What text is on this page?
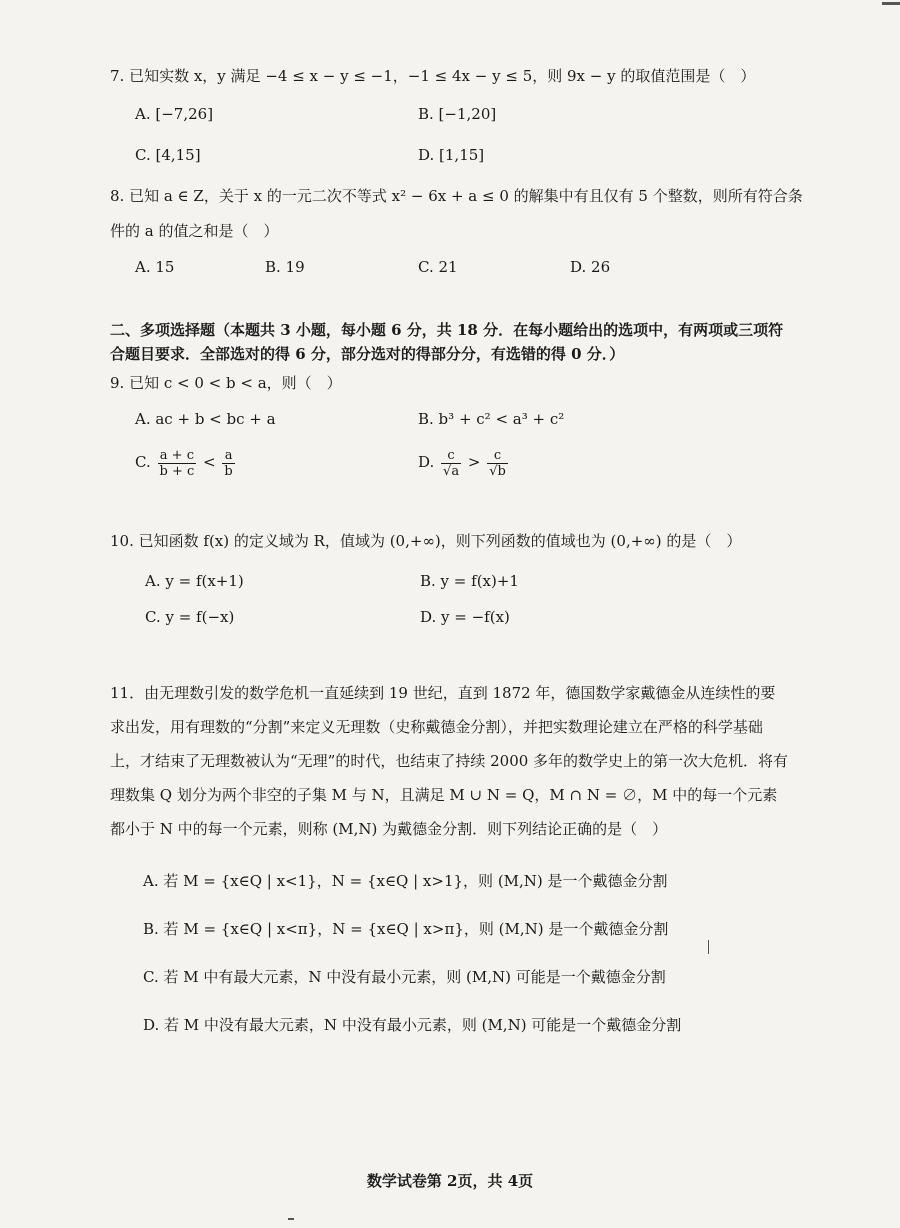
7. 已知实数 x，y 满足 −4 ≤ x − y ≤ −1，−1 ≤ 4x − y ≤ 5，则 9x − y 的取值范围是（　）
A. [−7,26]	B. [−1,20]
C. [4,15]	D. [1,15]
8. 已知 a ∈ Z，关于 x 的一元二次不等式 x² − 6x + a ≤ 0 的解集中有且仅有 5 个整数，则所有符合条
件的 a 的值之和是（　）
A. 15	B. 19	C. 21	D. 26
二、多项选择题（本题共 3 小题，每小题 6 分，共 18 分．在每小题给出的选项中，有两项或三项符
合题目要求．全部选对的得 6 分，部分选对的得部分分，有选错的得 0 分．）
9. 已知 c < 0 < b < a，则（　）
A. ac + b < bc + a	B. b³ + c² < a³ + c²
C. $\frac{a + c}{b + c} < \frac{a}{b}$	D. $\frac{c}{√a} > \frac{c}{√b}$
10. 已知函数 f(x) 的定义域为 R，值域为 (0,+∞)，则下列函数的值域也为 (0,+∞) 的是（　）
A. y = f(x+1)	B. y = f(x)+1
C. y = f(−x)	D. y = −f(x)
11．由无理数引发的数学危机一直延续到 19 世纪，直到 1872 年，德国数学家戴德金从连续性的要求出发，用有理数的“分割”来定义无理数（史称戴德金分割），并把实数理论建立在严格的科学基础上，才结束了无理数被认为“无理”的时代，也结束了持续 2000 多年的数学史上的第一次大危机．将有理数集 Q 划分为两个非空的子集 M 与 N，且满足 M ∪ N = Q，M ∩ N = ∅，M 中的每一个元素都小于 N 中的每一个元素，则称 (M,N) 为戴德金分割．则下列结论正确的是（　）
A. 若 M = {x∈Q | x<1}，N = {x∈Q | x>1}，则 (M,N) 是一个戴德金分割
B. 若 M = {x∈Q | x<π}，N = {x∈Q | x>π}，则 (M,N) 是一个戴德金分割
C. 若 M 中有最大元素，N 中没有最小元素，则 (M,N) 可能是一个戴德金分割
D. 若 M 中没有最大元素，N 中没有最小元素，则 (M,N) 可能是一个戴德金分割
数学试卷第 2页，共 4页
